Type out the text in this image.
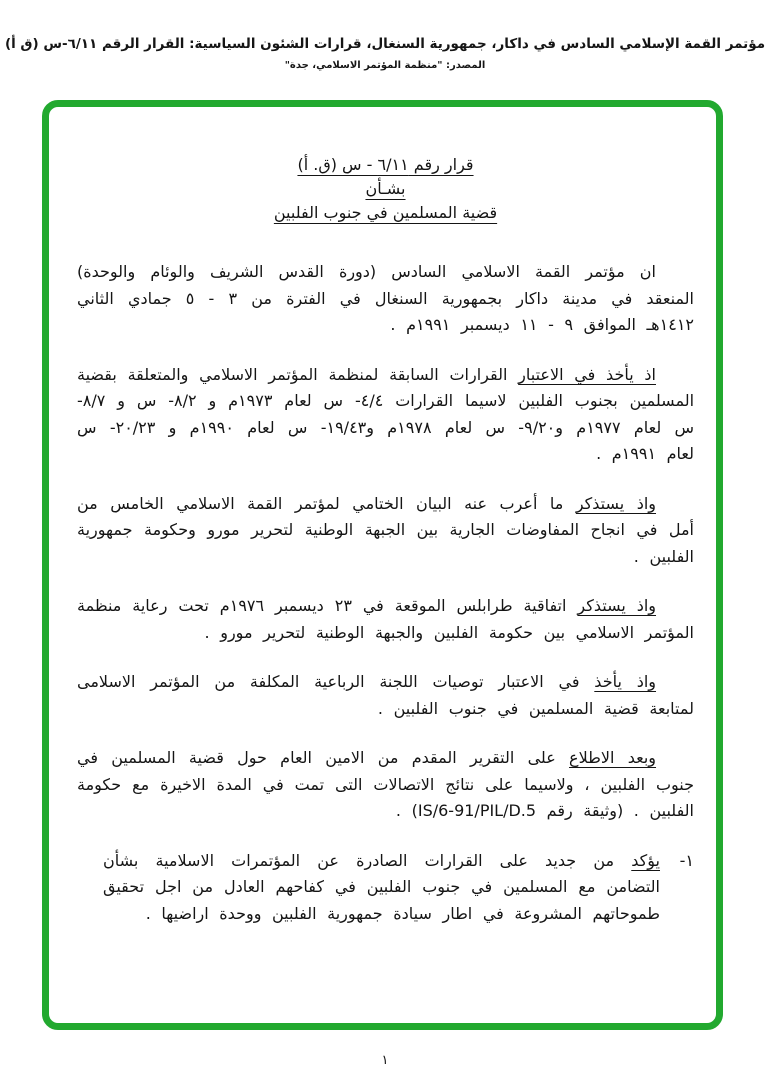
مؤتمر القمة الإسلامي السادس في داكار، جمهورية السنغال، قرارات الشئون السياسية: القرار الرقم ٦/١١-س (ق أ)
المصدر: "منظمة المؤتمر الاسلامي، جدة"
قرار رقم ٦/١١ - س (ق. أ)
بشـأن
قضية المسلمين في جنوب الفلبين
ان مؤتمر القمة الاسلامي السادس (دورة القدس الشريف والوئام والوحدة) المنعقد في مدينة داكار بجمهورية السنغال في الفترة من ٣ - ٥ جمادي الثاني ١٤١٢هـ الموافق ٩ - ١١ ديسمبر ١٩٩١م .
اذ يأخذ في الاعتبار القرارات السابقة لمنظمة المؤتمر الاسلامي والمتعلقة بقضية المسلمين بجنوب الفلبين لاسيما القرارات ٤/٤- س لعام ١٩٧٣م و ٨/٢- س و ٨/٧- س لعام ١٩٧٧م و٩/٢٠- س لعام ١٩٧٨م و١٩/٤٣- س لعام ١٩٩٠م و ٢٠/٢٣- س لعام ١٩٩١م .
واذ يستذكر ما أعرب عنه البيان الختامي لمؤتمر القمة الاسلامي الخامس من أمل في انجاح المفاوضات الجارية بين الجبهة الوطنية لتحرير مورو وحكومة جمهورية الفلبين .
واذ يستذكر اتفاقية طرابلس الموقعة في ٢٣ ديسمبر ١٩٧٦م تحت رعاية منظمة المؤتمر الاسلامي بين حكومة الفلبين والجبهة الوطنية لتحرير مورو .
واذ يأخذ في الاعتبار توصيات اللجنة الرباعية المكلفة من المؤتمر الاسلامى لمتابعة قضية المسلمين في جنوب الفلبين .
وبعد الاطلاع على التقرير المقدم من الامين العام حول قضية المسلمين في جنوب الفلبين ، ولاسيما على نتائج الاتصالات التى تمت في المدة الاخيرة مع حكومة الفلبين . (وثيقة رقم IS/6-91/PIL/D.5) .
١-
يؤكد من جديد على القرارات الصادرة عن المؤتمرات الاسلامية بشأن التضامن مع المسلمين في جنوب الفلبين في كفاحهم العادل من اجل تحقيق طموحاتهم المشروعة في اطار سيادة جمهورية الفلبين ووحدة اراضيها .
١
